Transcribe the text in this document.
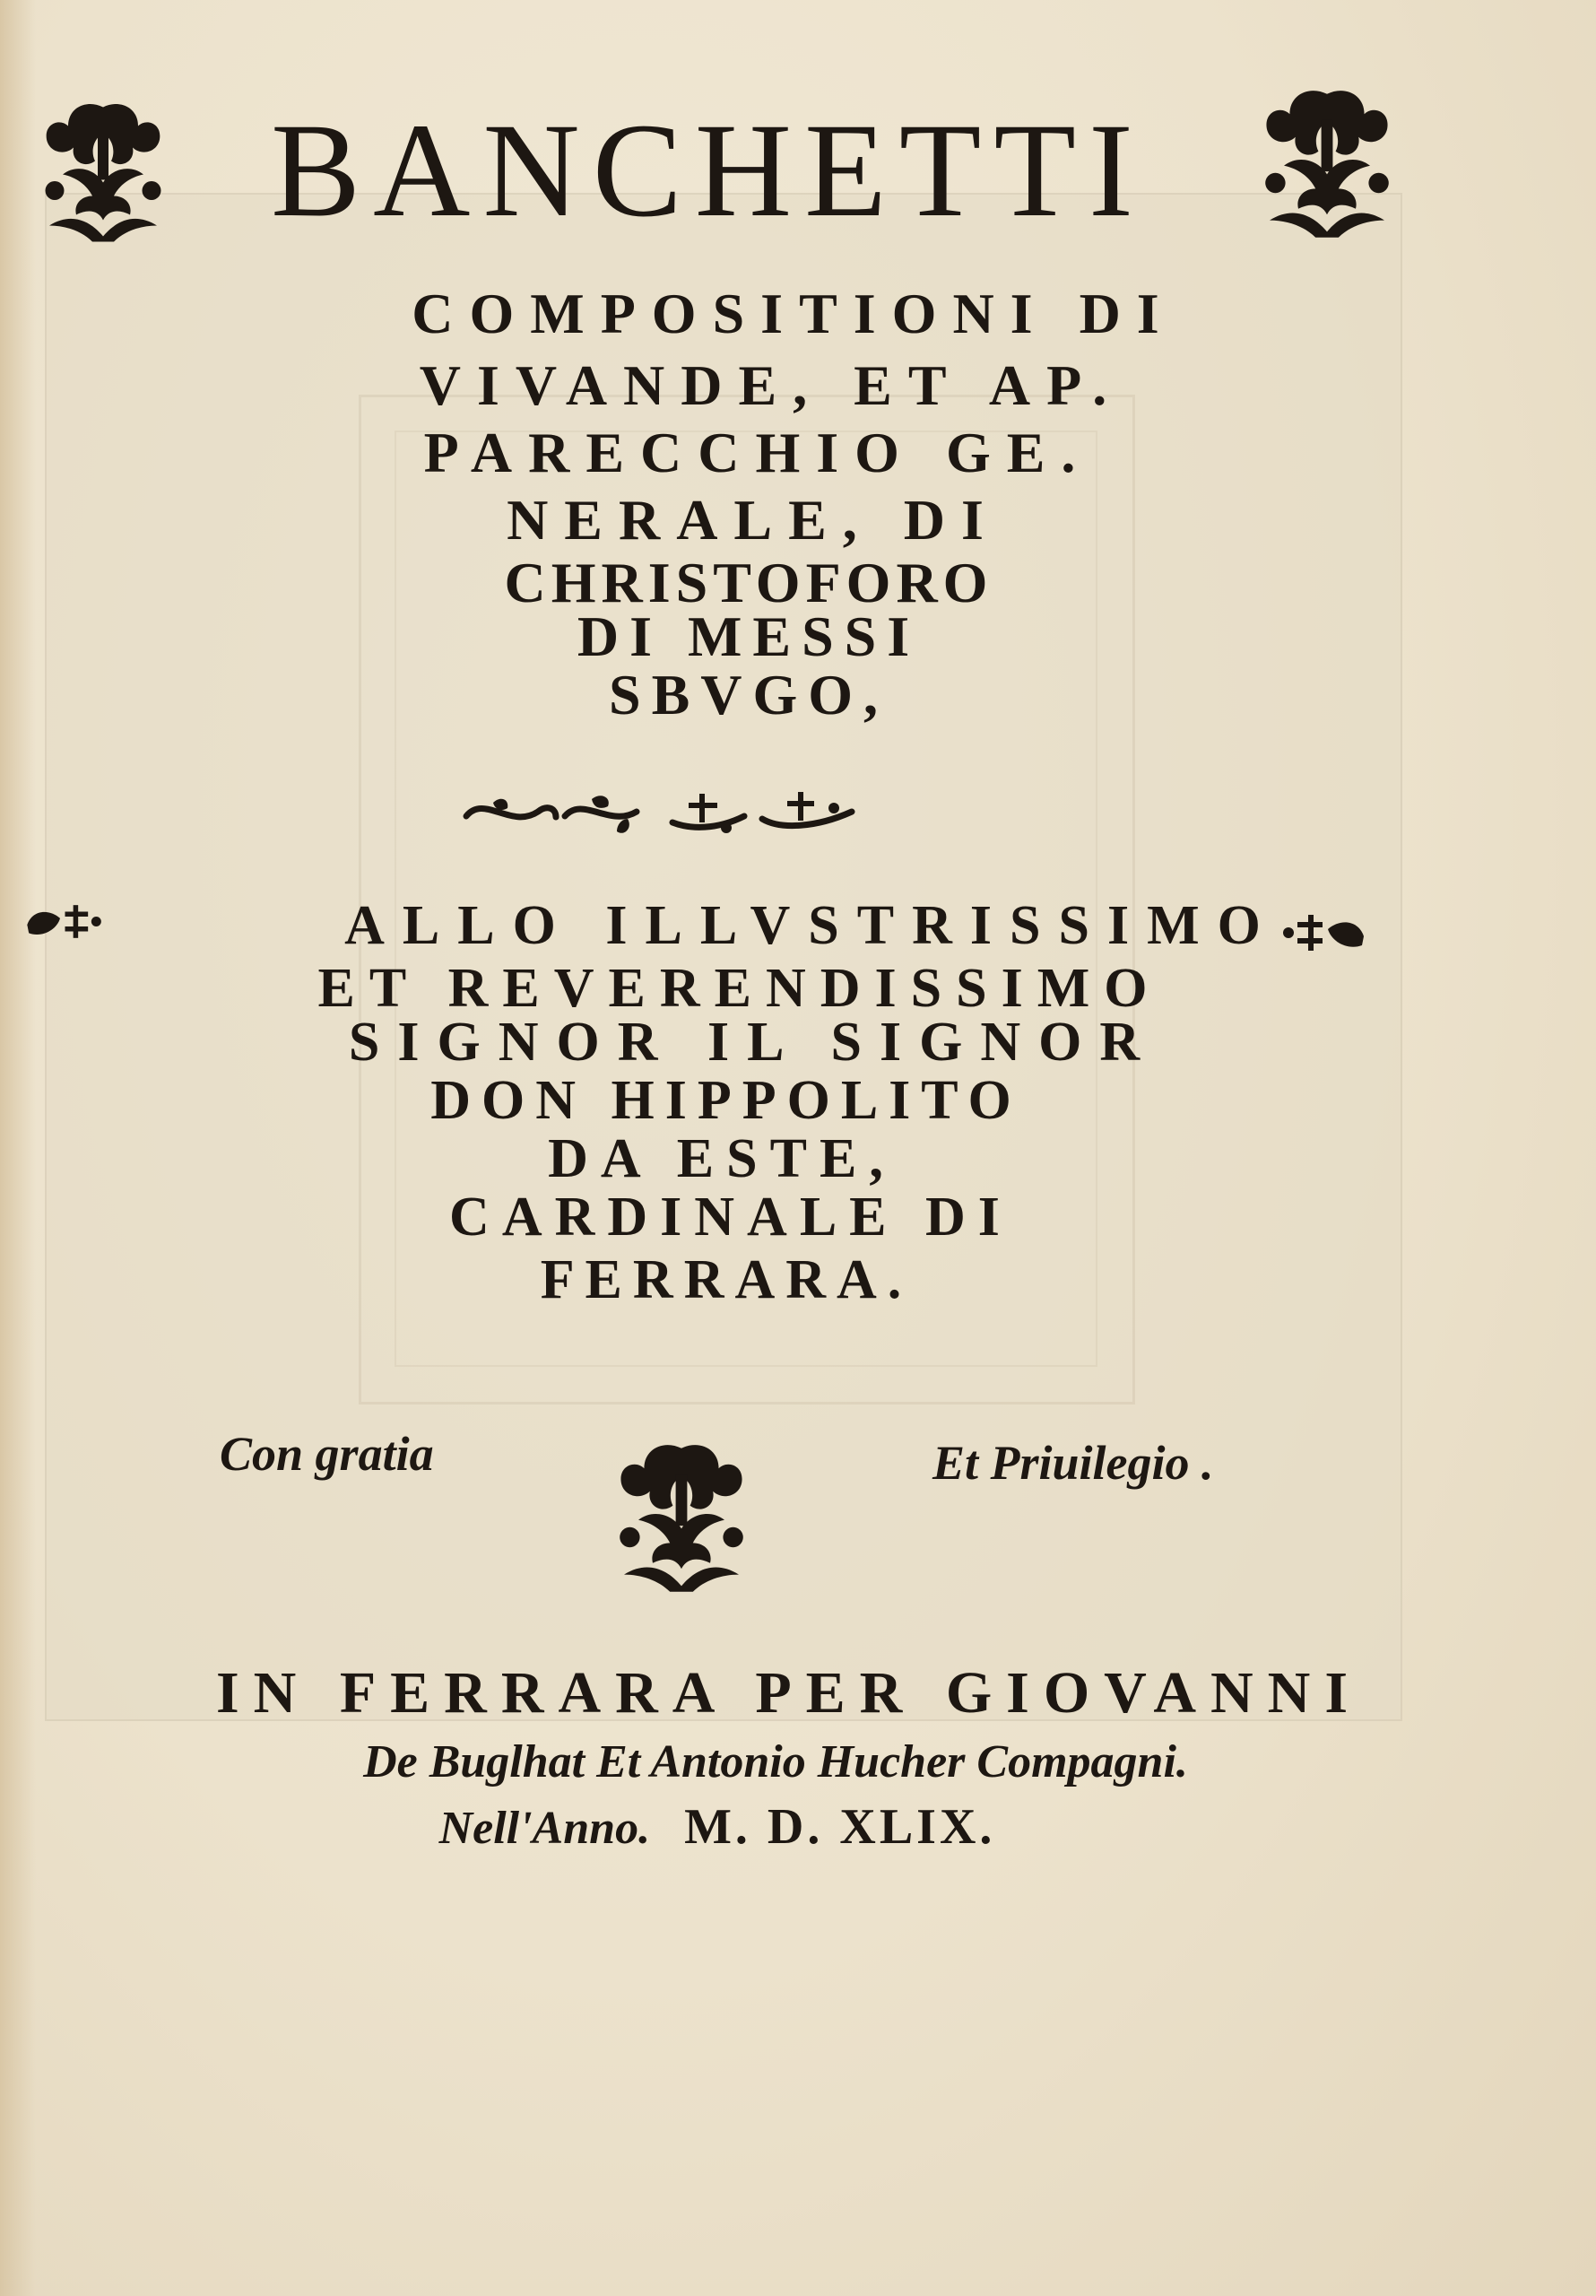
BANCHETTI
COMPOSITIONI DI
VIVANDE, ET AP.
PARECCHIO GE.
NERALE, DI
CHRISTOFORO
DI MESSI
SBVGO,
ALLO ILLVSTRISSIMO
ET REVERENDISSIMO
SIGNOR IL SIGNOR
DON HIPPOLITO
DA ESTE,
CARDINALE DI
FERRARA.
Con gratia	Et Priuilegio .
IN FERRARA PER GIOVANNI
De Buglhat Et Antonio Hucher Compagni.
Nell'Anno. M. D. XLIX.
